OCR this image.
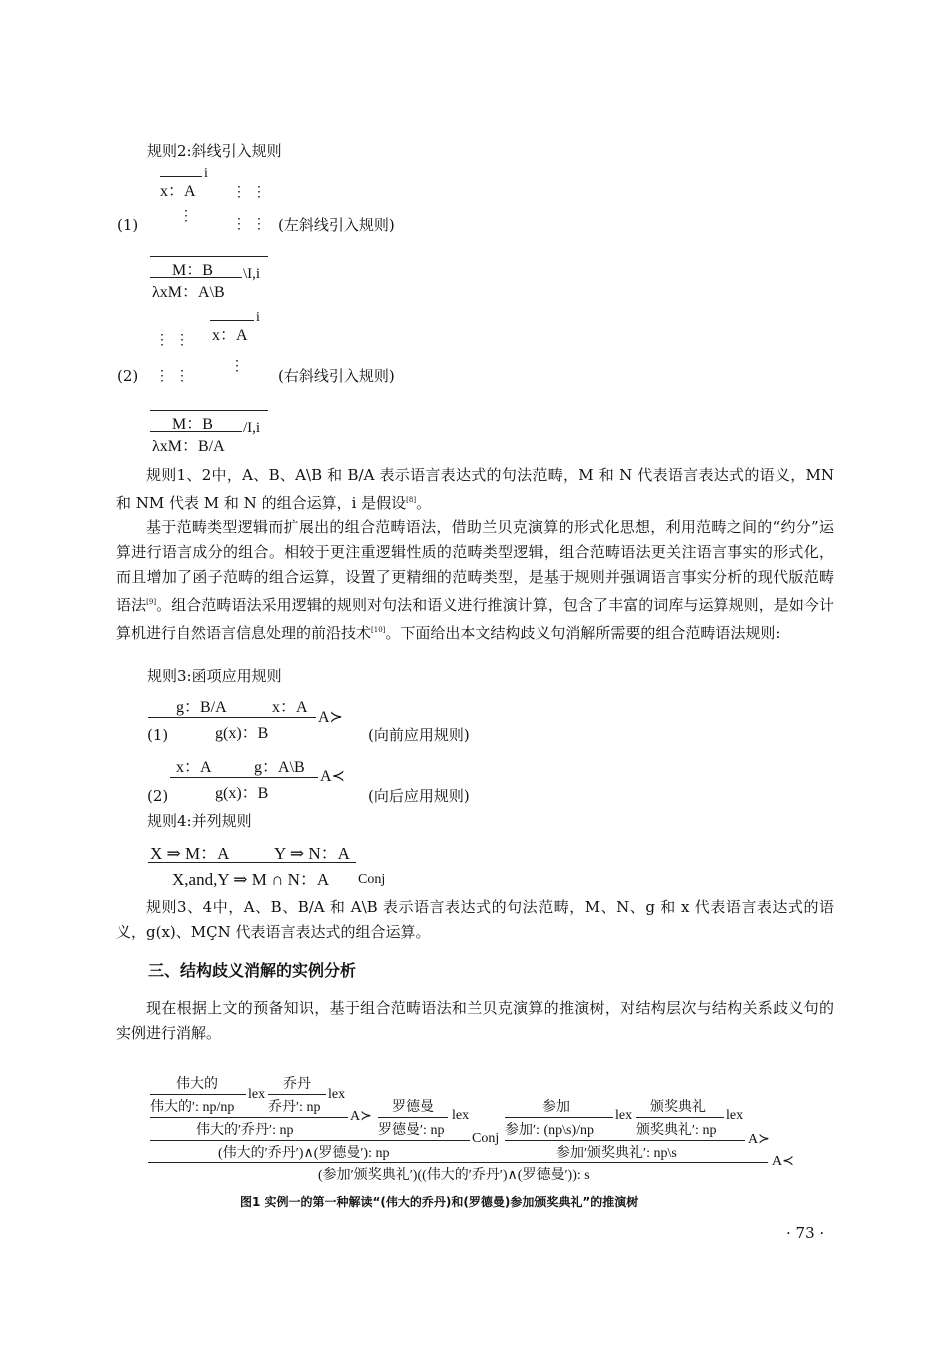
规则2:斜线引入规则
x：A
i
⋮⋮
⋮	⋮⋮
(1)	(左斜线引入规则)
M：B \I,i
λxM：A\B
x：A
i
⋮⋮
⋮
⋮⋮
(2)	(右斜线引入规则)
M：B /I,i
λxM：B/A
规则1、2中，A、B、A\B 和 B/A 表示语言表达式的句法范畴，M 和 N 代表语言表达式的语义，MN 和 NM 代表 M 和 N 的组合运算，i 是假设[8]。
基于范畴类型逻辑而扩展出的组合范畴语法，借助兰贝克演算的形式化思想，利用范畴之间的“约分”运算进行语言成分的组合。相较于更注重逻辑性质的范畴类型逻辑，组合范畴语法更关注语言事实的形式化，而且增加了函子范畴的组合运算，设置了更精细的范畴类型，是基于规则并强调语言事实分析的现代版范畴语法[9]。组合范畴语法采用逻辑的规则对句法和语义进行推演计算，包含了丰富的词库与运算规则，是如今计算机进行自然语言信息处理的前沿技术[10]。下面给出本文结构歧义句消解所需要的组合范畴语法规则:
规则3:函项应用规则
g：B/A	x：A
A≻
g(x)：B
(1)	(向前应用规则)
x：A	g：A\B
A≺
g(x)：B
(2)	(向后应用规则)
规则4:并列规则
X ⇒ M：A	Y ⇒ N：A
X,and,Y ⇒ M ∩ N：A Conj
规则3、4中，A、B、B/A 和 A\B 表示语言表达式的句法范畴，M、N、g 和 x 代表语言表达式的语义，g(x)、MÇN 代表语言表达式的组合运算。
三、结构歧义消解的实例分析
现在根据上文的预备知识，基于组合范畴语法和兰贝克演算的推演树，对结构层次与结构关系歧义句的实例进行消解。
伟大的
lex
伟大的′: np/np
乔丹
lex
乔丹′: np
A≻
伟大的′乔丹′: np
罗德曼
lex
罗德曼′: np
Conj
(伟大的′乔丹′)∧(罗德曼′): np
参加
lex
参加′: (np\s)/np
颁奖典礼
lex
颁奖典礼′: np
A≻
参加′颁奖典礼′: np\s
A≺
(参加′颁奖典礼′)((伟大的′乔丹′)∧(罗德曼′)): s
图1 实例一的第一种解读“(伟大的乔丹)和(罗德曼)参加颁奖典礼”的推演树
· 73 ·
